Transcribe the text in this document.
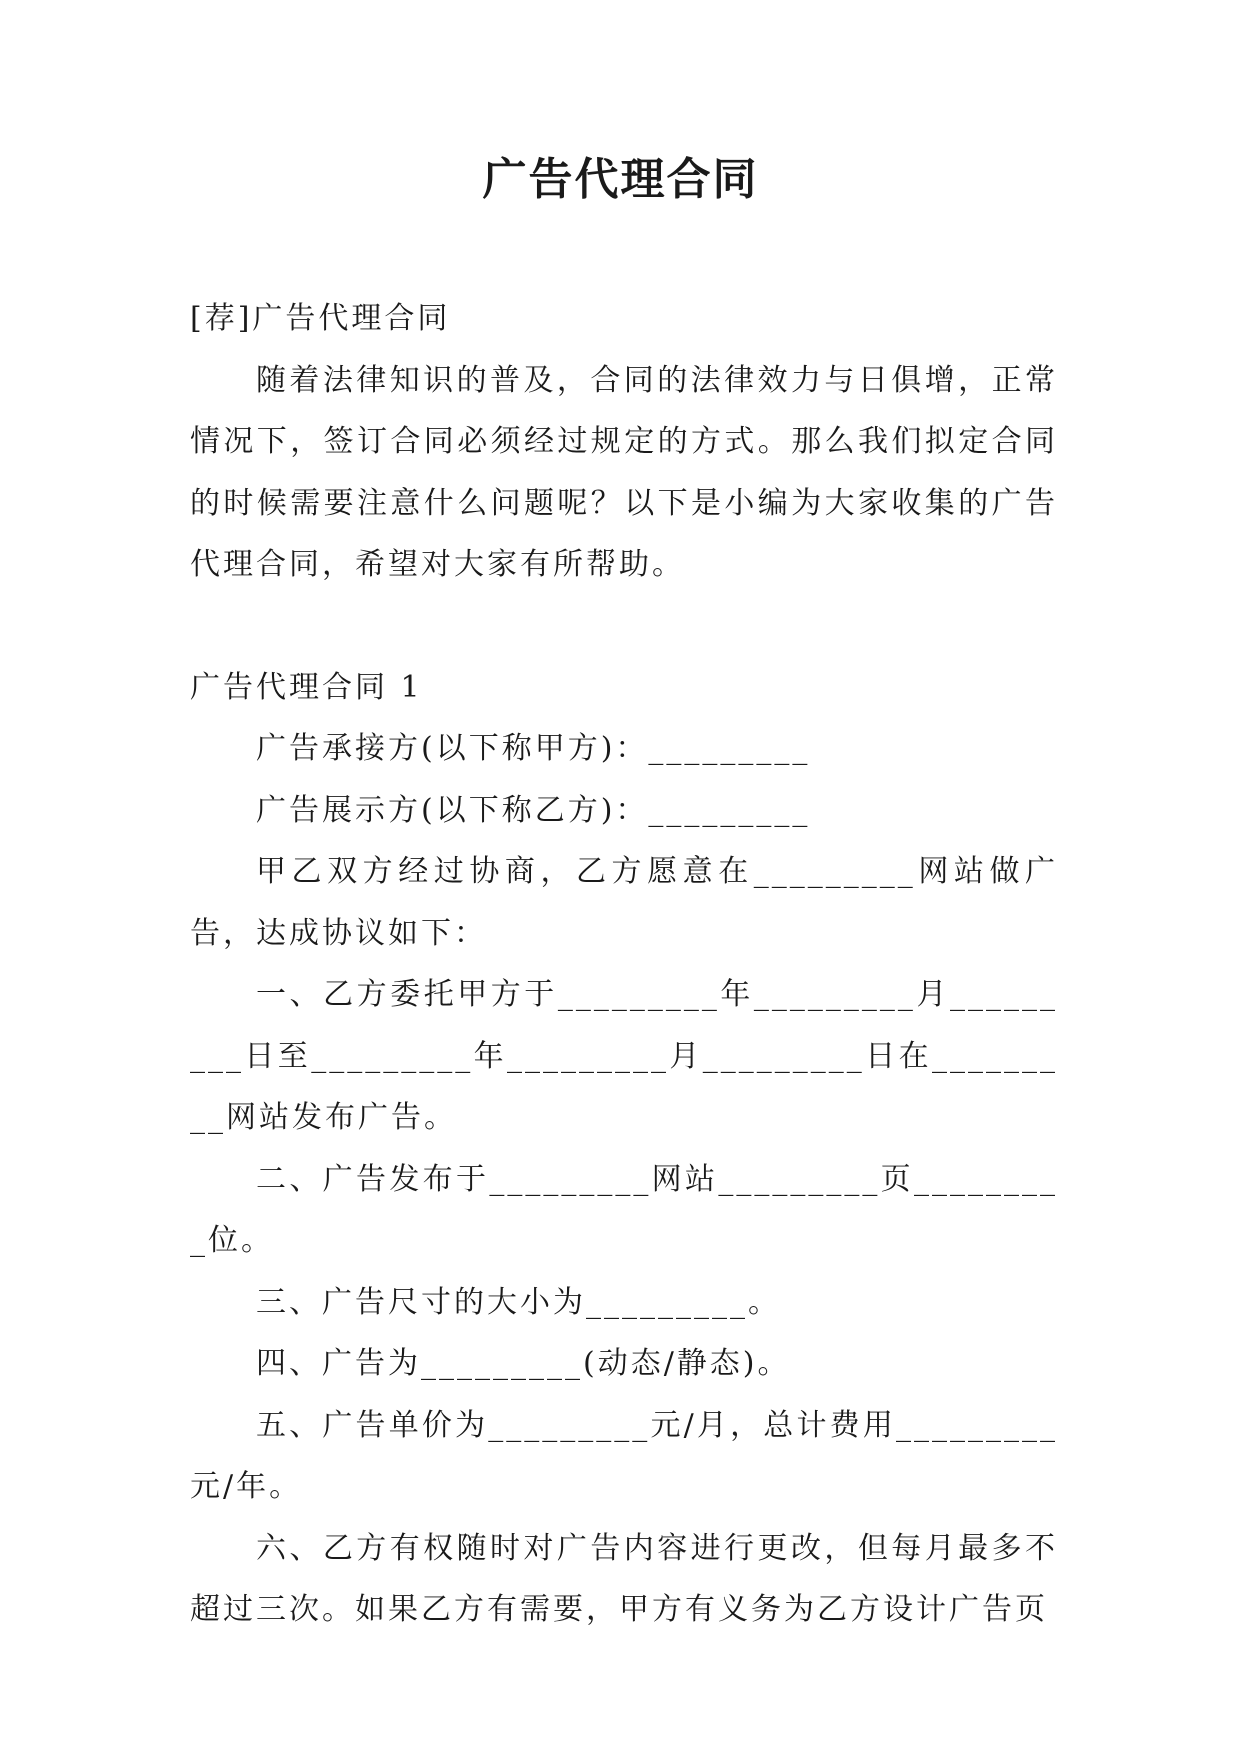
广告代理合同

[荐]广告代理合同

随着法律知识的普及，合同的法律效力与日俱增，正常情况下，签订合同必须经过规定的方式。那么我们拟定合同的时候需要注意什么问题呢？以下是小编为大家收集的广告代理合同，希望对大家有所帮助。

广告代理合同 1

广告承接方(以下称甲方)：_________

广告展示方(以下称乙方)：_________

甲乙双方经过协商，乙方愿意在_________网站做广告，达成协议如下：

一、乙方委托甲方于_________年_________月_________日至_________年_________月_________日在_________网站发布广告。

二、广告发布于_________网站_________页_________位。

三、广告尺寸的大小为_________。

四、广告为_________(动态/静态)。

五、广告单价为_________元/月，总计费用_________元/年。

六、乙方有权随时对广告内容进行更改，但每月最多不超过三次。如果乙方有需要，甲方有义务为乙方设计广告页
